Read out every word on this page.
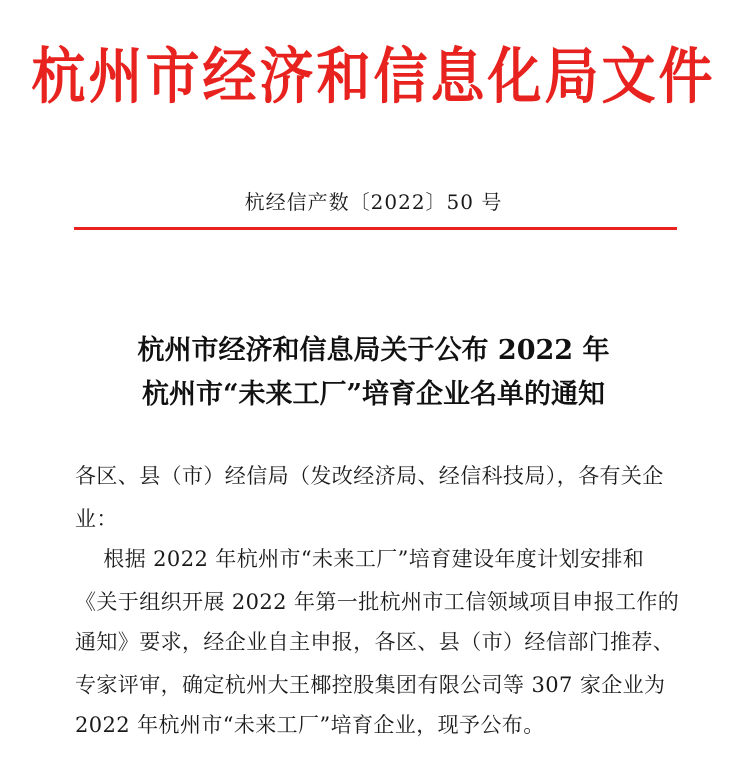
杭州市经济和信息化局文件
杭经信产数〔2022〕50 号
杭州市经济和信息局关于公布 2022 年
杭州市“未来工厂”培育企业名单的通知
各区、县（市）经信局（发改经济局、经信科技局），各有关企
业：
根据 2022 年杭州市“未来工厂”培育建设年度计划安排和
《关于组织开展 2022 年第一批杭州市工信领域项目申报工作的
通知》要求，经企业自主申报，各区、县（市）经信部门推荐、
专家评审，确定杭州大王椰控股集团有限公司等 307 家企业为
2022 年杭州市“未来工厂”培育企业，现予公布。
